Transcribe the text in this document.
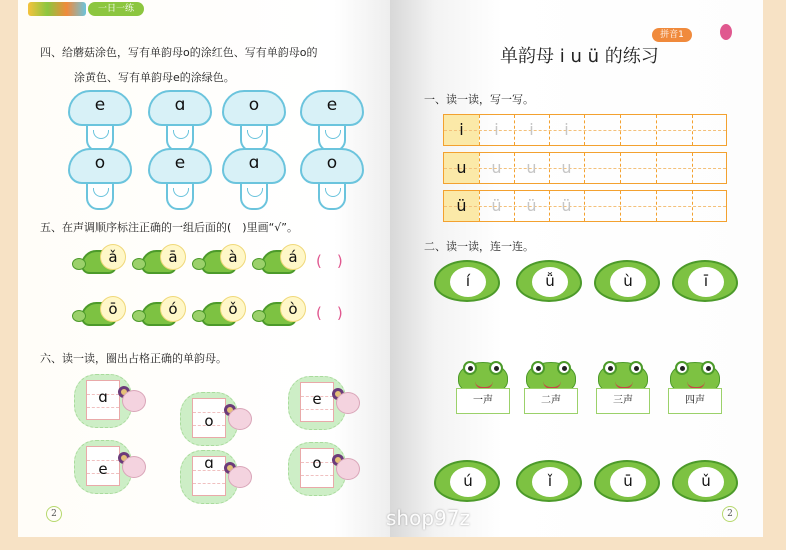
一日一练
四、给蘑菇涂色，写有单韵母o的涂红色、写有单韵母o的
涂黄色、写有单韵母e的涂绿色。
e	ɑ	o	e
o	e	ɑ	o
五、在声调顺序标注正确的一组后面的(　)里画“√”。
ǎ	ā	à	á	(　)
ō	ó	ǒ	ò	(　)
六、读一读，圈出占格正确的单韵母。
ɑ
o
e
e	ɑ	o
2
拼音1
单韵母 i u ü 的练习
一、读一读，写一写。
i	i	i	i
u	u	u	u
ü	ü	ü	ü
二、读一读，连一连。
í	ǚ	ù	ī
一声	二声	三声	四声
ú	ǐ	ū	ǔ
2
shop97z
